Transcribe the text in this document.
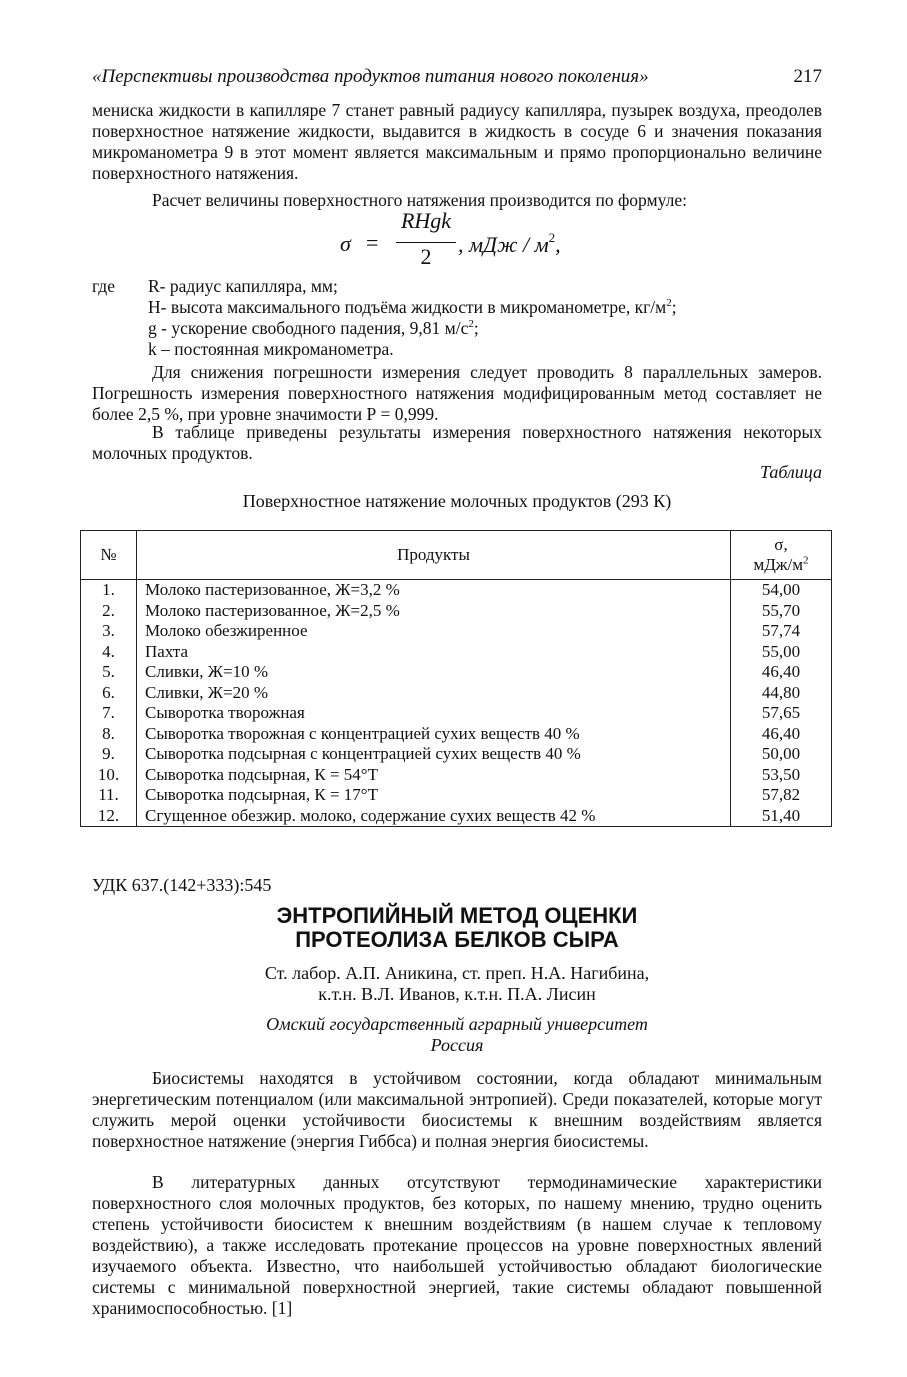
«Перспективы производства продуктов питания нового поколения»	217
мениска жидкости в капилляре 7 станет равный радиусу капилляра, пузырек воздуха, преодолев поверхностное натяжение жидкости, выдавится в жидкость в сосуде 6 и значения показания микроманометра 9 в этот момент является максимальным и прямо пропорционально величине поверхностного натяжения.
Расчет величины поверхностного натяжения производится по формуле:
σ =
RHgk
2	, мДж / $м^2$,
где	R- радиус капилляра, мм;
Н- высота максимального подъёма жидкости в микроманометре, $кг/м^2$;
g - ускорение свободного падения, 9,81 $м/с^2$;
k – постоянная микроманометра.
Для снижения погрешности измерения следует проводить 8 параллельных замеров. Погрешность измерения поверхностного натяжения модифицированным метод составляет не более 2,5 %, при уровне значимости Р = 0,999.
В таблице приведены результаты измерения поверхностного натяжения некоторых молочных продуктов.
Таблица
Поверхностное натяжение молочных продуктов (293 К)
№	Продукты	σ,
мДж/$м^2$
1.	Молоко пастеризованное, Ж=3,2 %	54,00
2.	Молоко пастеризованное, Ж=2,5 %	55,70
3.	Молоко обезжиренное	57,74
4.	Пахта	55,00
5.	Сливки, Ж=10 %	46,40
6.	Сливки, Ж=20 %	44,80
7.	Сыворотка творожная	57,65
8.	Сыворотка творожная с концентрацией сухих веществ 40 %	46,40
9.	Сыворотка подсырная с концентрацией сухих веществ 40 %	50,00
10.	Сыворотка подсырная, К = 54°Т	53,50
11.	Сыворотка подсырная, К = 17°Т	57,82
12.	Сгущенное обезжир. молоко, содержание сухих веществ 42 %	51,40
УДК 637.(142+333):545
ЭНТРОПИЙНЫЙ МЕТОД ОЦЕНКИ
ПРОТЕОЛИЗА БЕЛКОВ СЫРА
Ст. лабор. А.П. Аникина, ст. преп. Н.А. Нагибина,
к.т.н. В.Л. Иванов, к.т.н. П.А. Лисин
Омский государственный аграрный университет
Россия
Биосистемы находятся в устойчивом состоянии, когда обладают минимальным энергетическим потенциалом (или максимальной энтропией). Среди показателей, которые могут служить мерой оценки устойчивости биосистемы к внешним воздействиям является поверхностное натяжение (энергия Гиббса) и полная энергия биосистемы.
В литературных данных отсутствуют термодинамические характеристики поверхностного слоя молочных продуктов, без которых, по нашему мнению, трудно оценить степень устойчивости биосистем к внешним воздействиям (в нашем случае к тепловому воздействию), а также исследовать протекание процессов на уровне поверхностных явлений изучаемого объекта. Известно, что наибольшей устойчивостью обладают биологические системы с минимальной поверхностной энергией, такие системы обладают повышенной хранимоспособностью. [1]
